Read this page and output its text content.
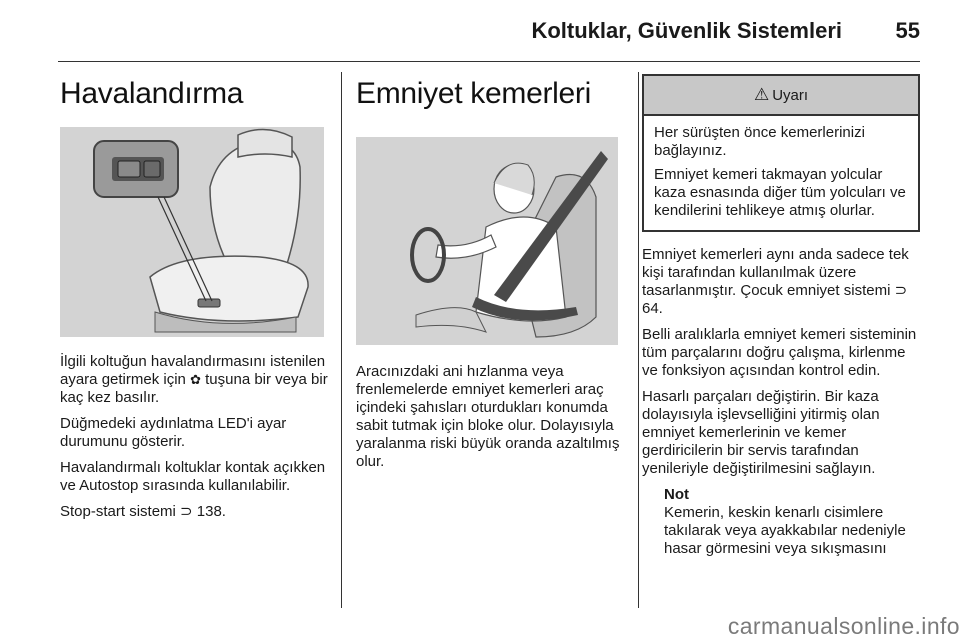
Koltuklar, Güvenlik Sistemleri 55
Havalandırma

İlgili koltuğun havalandırmasını istenilen ayara getirmek için ✿ tuşuna bir veya bir kaç kez basılır.

Düğmedeki aydınlatma LED'i ayar durumunu gösterir.

Havalandırmalı koltuklar kontak açıkken ve Autostop sırasında kullanılabilir.

Stop-start sistemi ⊃ 138.

Emniyet kemerleri

Aracınızdaki ani hızlanma veya frenlemelerde emniyet kemerleri araç içindeki şahısları oturdukları konumda sabit tutmak için bloke olur. Dolayısıyla yaralanma riski büyük oranda azaltılmış olur.

⚠ Uyarı

Her sürüşten önce kemerlerinizi bağlayınız.

Emniyet kemeri takmayan yolcular kaza esnasında diğer tüm yolcuları ve kendilerini tehlikeye atmış olurlar.

Emniyet kemerleri aynı anda sadece tek kişi tarafından kullanılmak üzere tasarlanmıştır. Çocuk emniyet sistemi ⊃ 64.

Belli aralıklarla emniyet kemeri sisteminin tüm parçalarını doğru çalışma, kirlenme ve fonksiyon açısından kontrol edin.

Hasarlı parçaları değiştirin. Bir kaza dolayısıyla işlevselliğini yitirmiş olan emniyet kemerlerinin ve kemer gerdiricilerin bir servis tarafından yenileriyle değiştirilmesini sağlayın.

Not

Kemerin, keskin kenarlı cisimlere takılarak veya ayakkabılar nedeniyle hasar görmesini veya sıkışmasını

carmanualsonline.info
